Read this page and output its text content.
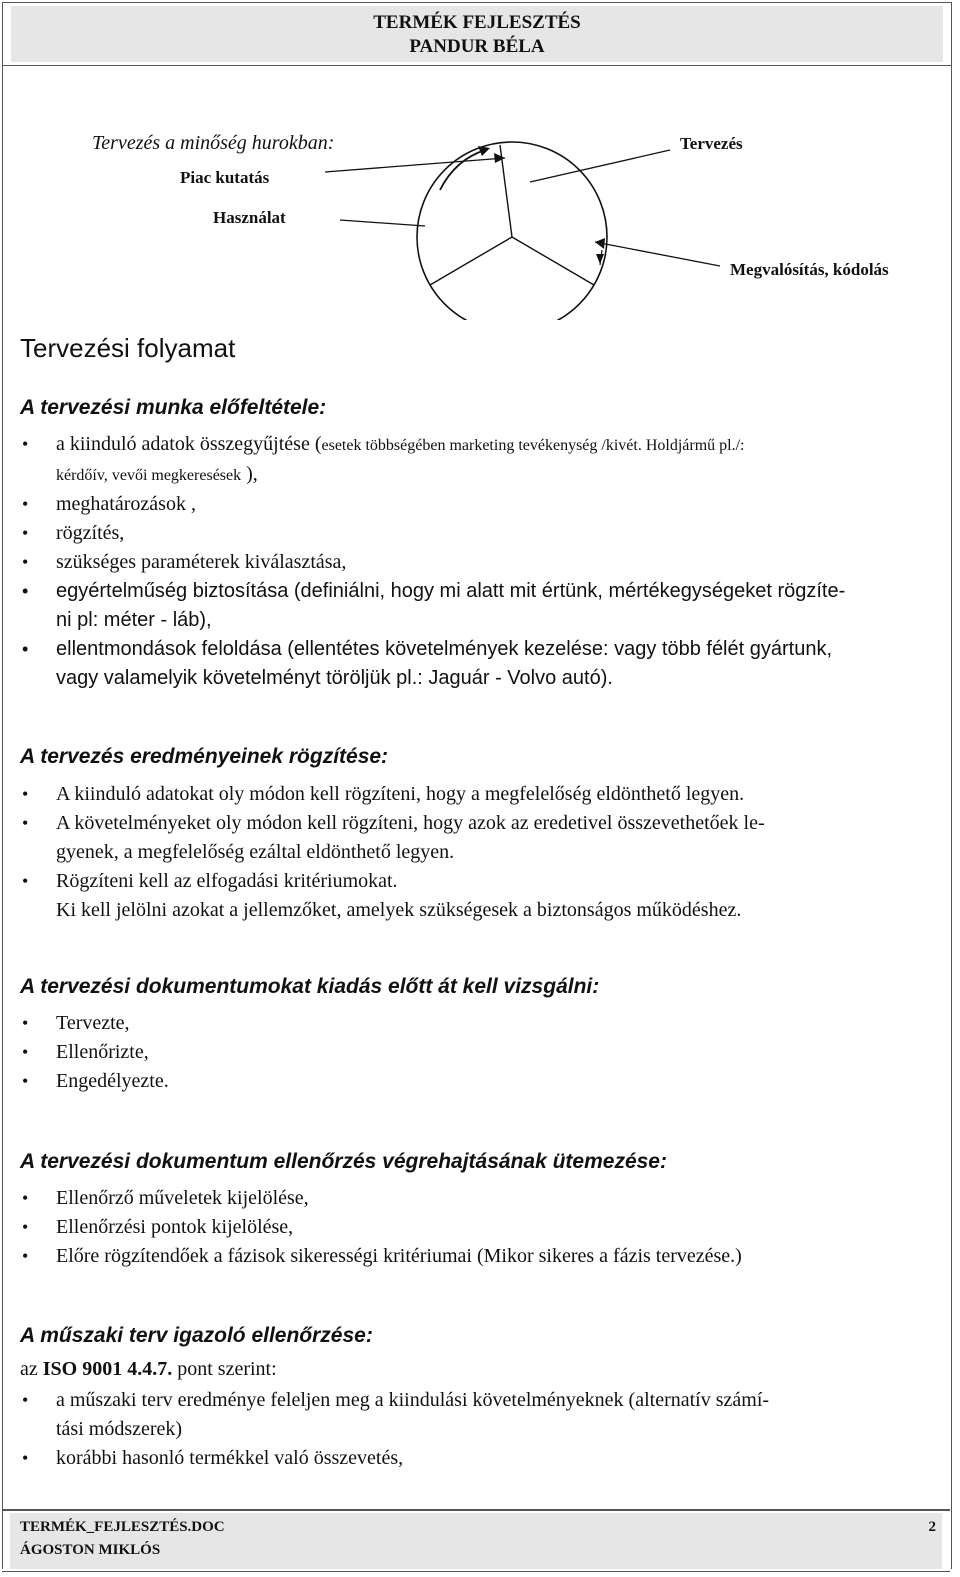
TERMÉK FEJLESZTÉS
PANDUR BÉLA
Tervezés a minőség hurokban:	Tervezés
Piac kutatás
Használat
Megvalósítás, kódolás
Tervezési folyamat
A tervezési munka előfeltétele:
• a kiinduló adatok összegyűjtése (esetek többségében marketing tevékenység /kivét. Holdjármű pl./:
kérdőív, vevői megkeresések ),
• meghatározások ,
• rögzítés,
• szükséges paraméterek kiválasztása,
• egyértelműség biztosítása (definiálni, hogy mi alatt mit értünk, mértékegységeket rögzíte-
ni pl: méter - láb),
• ellentmondások feloldása (ellentétes követelmények kezelése: vagy több félét gyártunk,
vagy valamelyik követelményt töröljük pl.: Jaguár - Volvo autó).
A tervezés eredményeinek rögzítése:
• A kiinduló adatokat oly módon kell rögzíteni, hogy a megfelelőség eldönthető legyen.
• A követelményeket oly módon kell rögzíteni, hogy azok az eredetivel összevethetőek le-
gyenek, a megfelelőség ezáltal eldönthető legyen.
• Rögzíteni kell az elfogadási kritériumokat.
Ki kell jelölni azokat a jellemzőket, amelyek szükségesek a biztonságos működéshez.
A tervezési dokumentumokat kiadás előtt át kell vizsgálni:
• Tervezte,
• Ellenőrizte,
• Engedélyezte.
A tervezési dokumentum ellenőrzés végrehajtásának ütemezése:
• Ellenőrző műveletek kijelölése,
• Ellenőrzési pontok kijelölése,
• Előre rögzítendőek a fázisok sikerességi kritériumai (Mikor sikeres a fázis tervezése.)
A műszaki terv igazoló ellenőrzése:
az ISO 9001 4.4.7. pont szerint:
• a műszaki terv eredménye feleljen meg a kiindulási követelményeknek (alternatív számí-
tási módszerek)
• korábbi hasonló termékkel való összevetés,
TERMÉK_FEJLESZTÉS.DOC
ÁGOSTON MIKLÓS
2
